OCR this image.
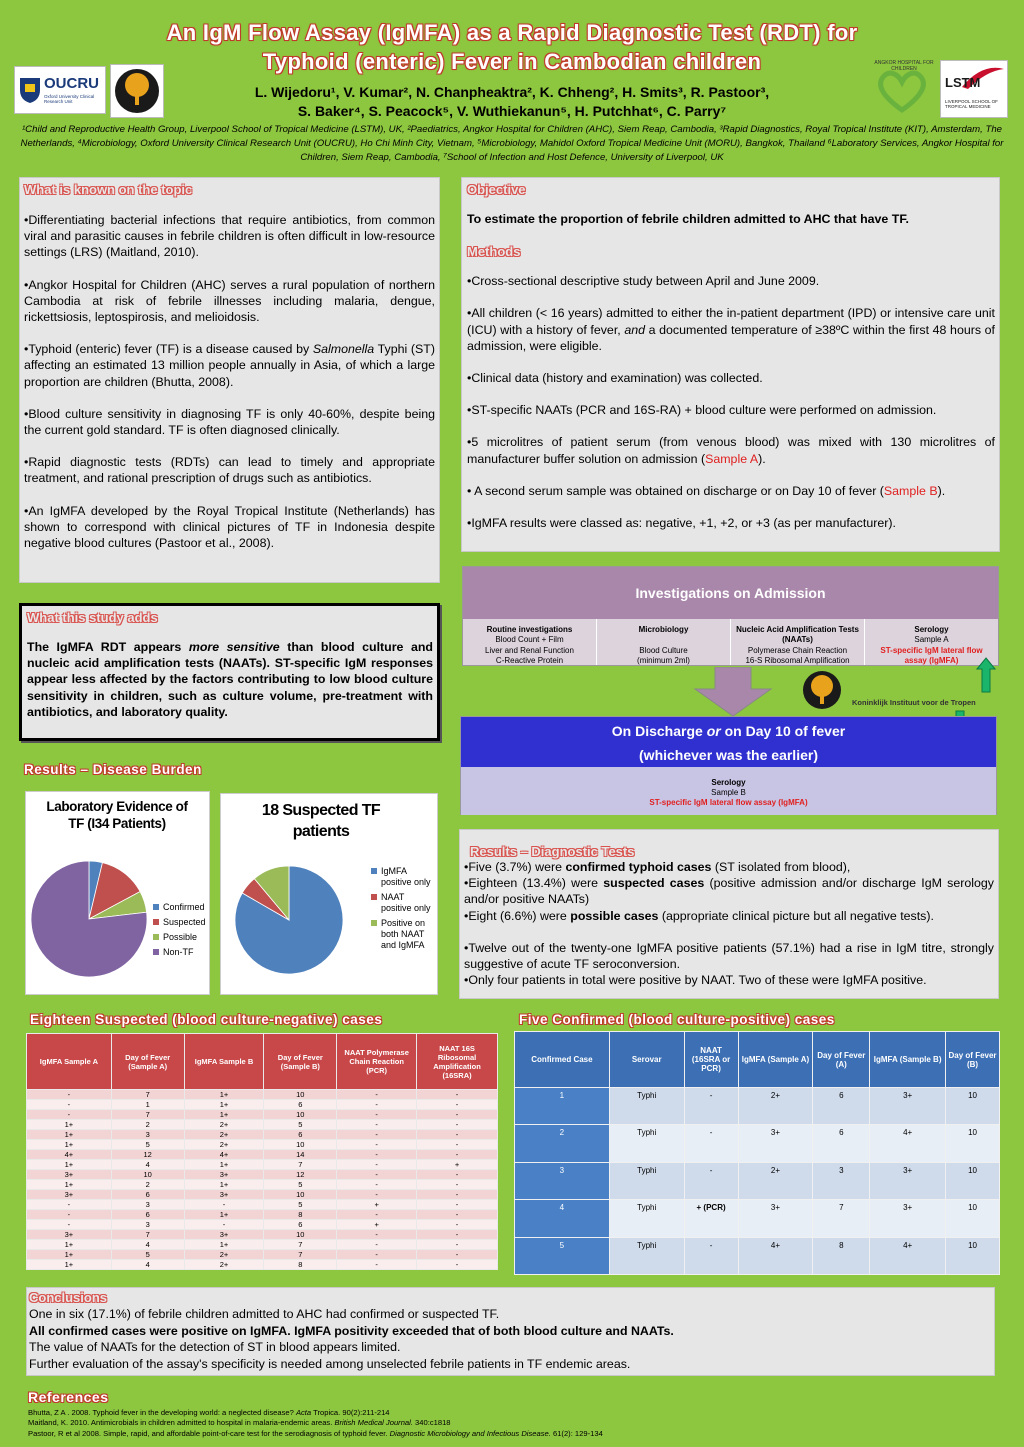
An IgM Flow Assay (IgMFA) as a Rapid Diagnostic Test (RDT) for
Typhoid (enteric) Fever in Cambodian children
OUCRU
Oxford University Clinical Research Unit
ANGKOR HOSPITAL FOR CHILDREN
LSTM
LIVERPOOL SCHOOL OF TROPICAL MEDICINE
L. Wijedoru¹, V. Kumar², N. Chanpheaktra², K. Chheng², H. Smits³, R. Pastoor³,
S. Baker⁴, S. Peacock⁵, V. Wuthiekanun⁵, H. Putchhat⁶, C. Parry⁷
¹Child and Reproductive Health Group, Liverpool School of Tropical Medicine (LSTM), UK, ²Paediatrics, Angkor Hospital for Children (AHC), Siem Reap, Cambodia, ³Rapid Diagnostics, Royal Tropical Institute (KIT), Amsterdam, The Netherlands, ⁴Microbiology, Oxford University Clinical Research Unit (OUCRU), Ho Chi Minh City, Vietnam, ⁵Microbiology, Mahidol Oxford Tropical Medicine Unit (MORU), Bangkok, Thailand ⁶Laboratory Services, Angkor Hospital for Children, Siem Reap, Cambodia, ⁷School of Infection and Host Defence, University of Liverpool, UK
What is known on the topic

•Differentiating bacterial infections that require antibiotics, from common viral and parasitic causes in febrile children is often difficult in low-resource settings (LRS) (Maitland, 2010).

•Angkor Hospital for Children (AHC) serves a rural population of northern Cambodia at risk of febrile illnesses including malaria, dengue, rickettsiosis, leptospirosis, and melioidosis.

•Typhoid (enteric) fever (TF) is a disease caused by Salmonella Typhi (ST) affecting an estimated 13 million people annually in Asia, of which a large proportion are children (Bhutta, 2008).

•Blood culture sensitivity in diagnosing TF is only 40-60%, despite being the current gold standard. TF is often diagnosed clinically.

•Rapid diagnostic tests (RDTs) can lead to timely and appropriate treatment, and rational prescription of drugs such as antibiotics.

•An IgMFA developed by the Royal Tropical Institute (Netherlands) has shown to correspond with clinical pictures of TF in Indonesia despite negative blood cultures (Pastoor et al., 2008).

Objective
To estimate the proportion of febrile children admitted to AHC that have TF.
Methods

•Cross-sectional descriptive study between April and June 2009.

•All children (< 16 years) admitted to either the in-patient department (IPD) or intensive care unit (ICU) with a history of fever, and a documented temperature of ≥38ºC within the first 48 hours of admission, were eligible.

•Clinical data (history and examination) was collected.

•ST-specific NAATs (PCR and 16S-RA) + blood culture were performed on admission.

•5 microlitres of patient serum (from venous blood) was mixed with 130 microlitres of manufacturer buffer solution on admission (Sample A).

• A second serum sample was obtained on discharge or on Day 10 of fever (Sample B).

•IgMFA results were classed as: negative, +1, +2, or +3 (as per manufacturer).

What this study adds
The IgMFA RDT appears more sensitive than blood culture and nucleic acid amplification tests (NAATs). ST-specific IgM responses appear less affected by the factors contributing to low blood culture sensitivity in children, such as culture volume, pre-treatment with antibiotics, and laboratory quality.
Investigations on Admission
Routine investigations
Blood Count + Film
Liver and Renal Function
C-Reactive Protein
Microbiology
Blood Culture
(minimum 2ml)
Nucleic Acid Amplification Tests (NAATs)
Polymerase Chain Reaction
16-S Ribosomal Amplification
Serology
Sample A
ST-specific IgM lateral flow assay (IgMFA)
Koninklijk Instituut voor de Tropen
On Discharge or on Day 10 of fever
(whichever was the earlier)
Serology
Sample B
ST-specific IgM lateral flow assay (IgMFA)
Results – Disease Burden
Laboratory Evidence of TF (I34 Patients)
Confirmed
Suspected
Possible
Non-TF
18 Suspected TF patients
IgMFA positive only
NAAT positive only
Positive on both NAAT and IgMFA
Results – Diagnostic Tests
•Five (3.7%) were confirmed typhoid cases (ST isolated from blood),
•Eighteen (13.4%) were suspected cases (positive admission and/or discharge IgM serology and/or positive NAATs)
•Eight (6.6%) were possible cases (appropriate clinical picture but all negative tests).
•Twelve out of the twenty-one IgMFA positive patients (57.1%) had a rise in IgM titre, strongly suggestive of acute TF seroconversion.
•Only four patients in total were positive by NAAT. Two of these were IgMFA positive.
Eighteen Suspected (blood culture-negative) cases
IgMFA Sample A	Day of Fever (Sample A)	IgMFA Sample B	Day of Fever (Sample B)	NAAT Polymerase Chain Reaction (PCR)	NAAT 16S Ribosomal Amplification (16SRA)
-	7	1+	10	-	-
-	1	1+	6	-	-
-	7	1+	10	-	-
1+	2	2+	5	-	-
1+	3	2+	6	-	-
1+	5	2+	10	-	-
4+	12	4+	14	-	-
1+	4	1+	7	-	+
3+	10	3+	12	-	-
1+	2	1+	5	-	-
3+	6	3+	10	-	-
-	3	-	5	+	-
-	6	1+	8	-	-
-	3	-	6	+	-
3+	7	3+	10	-	-
1+	4	1+	7	-	-
1+	5	2+	7	-	-
1+	4	2+	8	-	-
Five Confirmed (blood culture-positive) cases
Confirmed Case	Serovar	NAAT (16SRA or PCR)	IgMFA (Sample A)	Day of Fever (A)	IgMFA (Sample B)	Day of Fever (B)
1	Typhi	-	2+	6	3+	10
2	Typhi	-	3+	6	4+	10
3	Typhi	-	2+	3	3+	10
4	Typhi	+ (PCR)	3+	7	3+	10
5	Typhi	-	4+	8	4+	10
Conclusions
One in six (17.1%) of febrile children admitted to AHC had confirmed or suspected TF.
All confirmed cases were positive on IgMFA. IgMFA positivity exceeded that of both blood culture and NAATs.
The value of NAATs for the detection of ST in blood appears limited.
Further evaluation of the assay's specificity is needed among unselected febrile patients in TF endemic areas.
References
Bhutta, Z A . 2008. Typhoid fever in the developing world: a neglected disease? Acta Tropica. 90(2):211-214
Maitland, K. 2010. Antimicrobials in children admitted to hospital in malaria-endemic areas. British Medical Journal. 340:c1818
Pastoor, R et al 2008. Simple, rapid, and affordable point-of-care test for the serodiagnosis of typhoid fever. Diagnostic Microbiology and Infectious Disease. 61(2): 129-134
